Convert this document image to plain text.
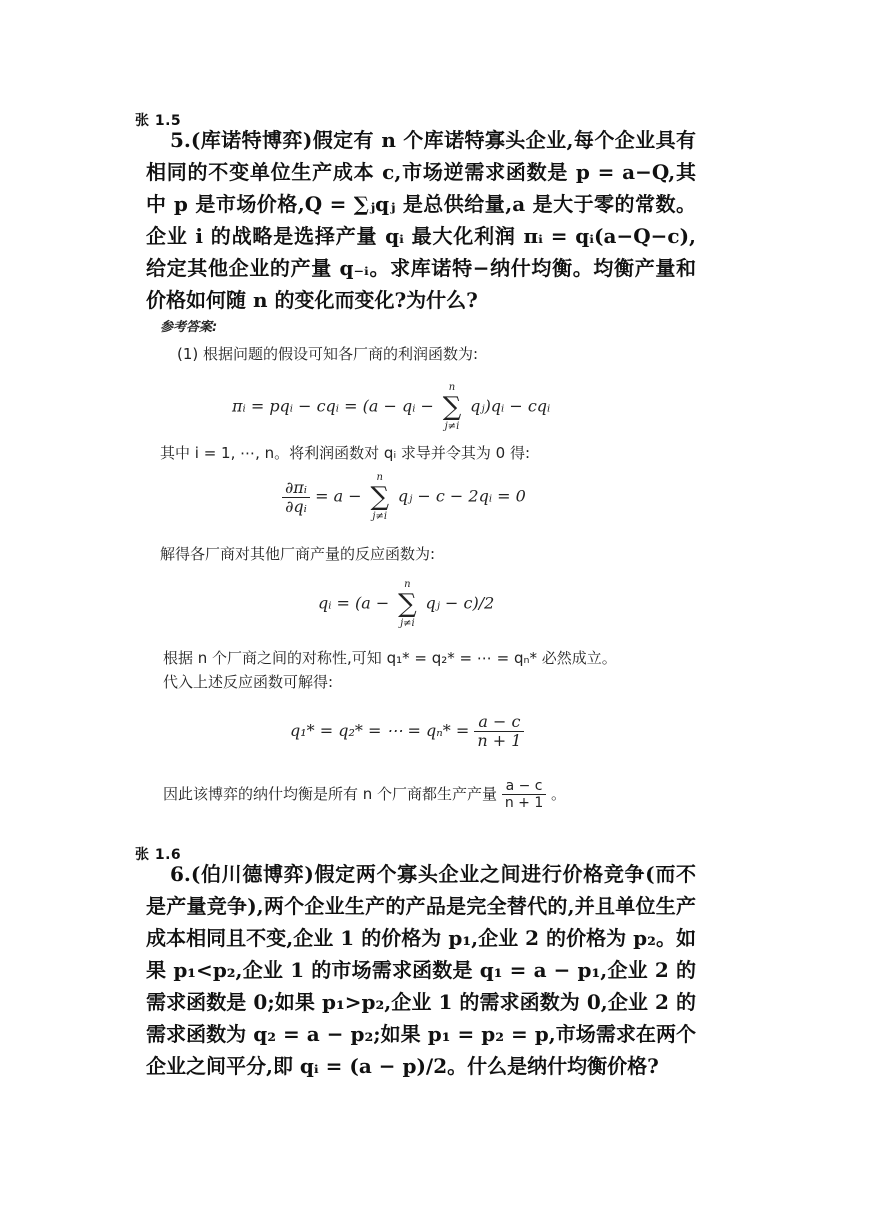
张 1.5
5.(库诺特博弈)假定有 n 个库诺特寡头企业,每个企业具有相同的不变单位生产成本 c,市场逆需求函数是 p = a−Q,其中 p 是市场价格,Q = ∑ⱼqⱼ 是总供给量,a 是大于零的常数。企业 i 的战略是选择产量 qᵢ 最大化利润 πᵢ = qᵢ(a−Q−c),给定其他企业的产量 q₋ᵢ。求库诺特−纳什均衡。均衡产量和价格如何随 n 的变化而变化?为什么?
参考答案:
(1) 根据问题的假设可知各厂商的利润函数为:
πᵢ = pqᵢ − cqᵢ = (a − qᵢ −
n
∑
j≠i
qⱼ)qᵢ − cqᵢ
其中 i = 1, ⋯, n。将利润函数对 qᵢ 求导并令其为 0 得:
$\frac{\text{∂πᵢ}}{\text{∂qᵢ}} = a$ −
n
∑
j≠i
qⱼ − c − 2qᵢ = 0
解得各厂商对其他厂商产量的反应函数为:
qᵢ = (a −
n
∑
j≠i
qⱼ − c)/2
根据 n 个厂商之间的对称性,可知 q₁* = q₂* = ⋯ = qₙ* 必然成立。
代入上述反应函数可解得:
q₁* = q₂* = ⋯ = $q_n* = \frac{a - c}{n + 1}$
因此该博弈的纳什均衡是所有 n 个厂商都生产产量 $\frac{a - c}{n + 1}$ 。
张 1.6
6.(伯川德博弈)假定两个寡头企业之间进行价格竞争(而不是产量竞争),两个企业生产的产品是完全替代的,并且单位生产成本相同且不变,企业 1 的价格为 p₁,企业 2 的价格为 p₂。如果 p₁<p₂,企业 1 的市场需求函数是 q₁ = a − p₁,企业 2 的需求函数是 0;如果 p₁>p₂,企业 1 的需求函数为 0,企业 2 的需求函数为 q₂ = a − p₂;如果 p₁ = p₂ = p,市场需求在两个企业之间平分,即 qᵢ = (a − p)/2。什么是纳什均衡价格?
